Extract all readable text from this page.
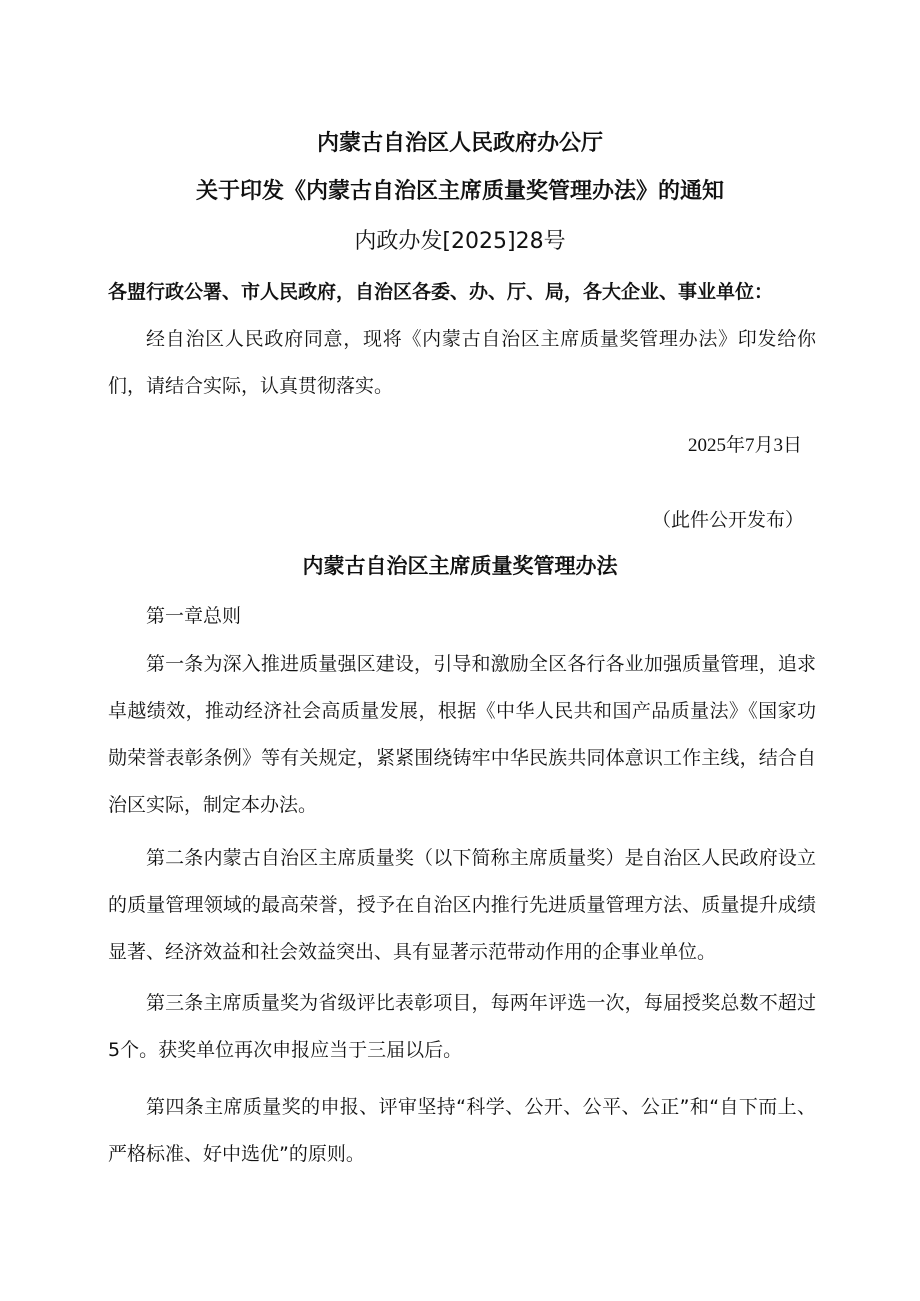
内蒙古自治区人民政府办公厅
关于印发《内蒙古自治区主席质量奖管理办法》的通知
内政办发[2025]28号
各盟行政公署、市人民政府，自治区各委、办、厅、局，各大企业、事业单位：

经自治区人民政府同意，现将《内蒙古自治区主席质量奖管理办法》印发给你们，请结合实际，认真贯彻落实。

2025年7月3日
（此件公开发布）
内蒙古自治区主席质量奖管理办法
第一章总则

第一条为深入推进质量强区建设，引导和激励全区各行各业加强质量管理，追求卓越绩效，推动经济社会高质量发展，根据《中华人民共和国产品质量法》《国家功勋荣誉表彰条例》等有关规定，紧紧围绕铸牢中华民族共同体意识工作主线，结合自治区实际，制定本办法。

第二条内蒙古自治区主席质量奖（以下简称主席质量奖）是自治区人民政府设立的质量管理领域的最高荣誉，授予在自治区内推行先进质量管理方法、质量提升成绩显著、经济效益和社会效益突出、具有显著示范带动作用的企事业单位。

第三条主席质量奖为省级评比表彰项目，每两年评选一次，每届授奖总数不超过5个。获奖单位再次申报应当于三届以后。

第四条主席质量奖的申报、评审坚持“科学、公开、公平、公正”和“自下而上、严格标准、好中选优”的原则。
